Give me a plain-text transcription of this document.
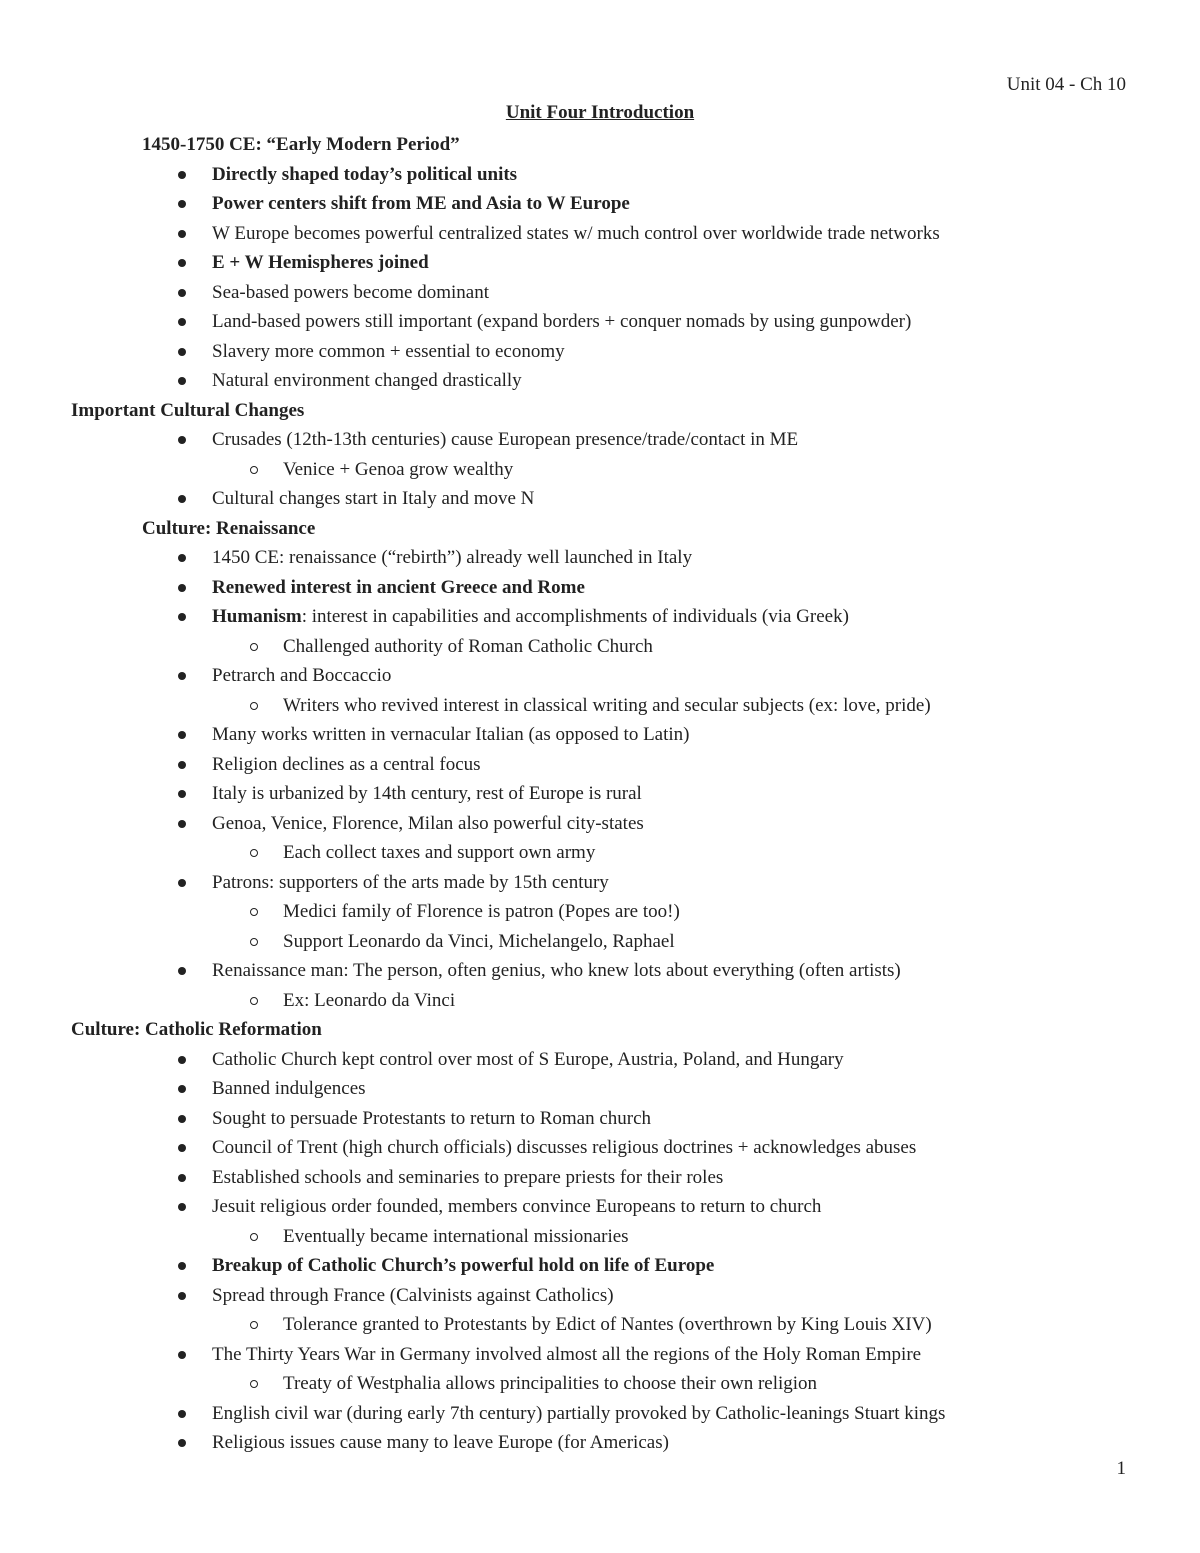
Unit 04 - Ch 10
Unit Four Introduction
1450-1750 CE: “Early Modern Period”
Directly shaped today’s political units
Power centers shift from ME and Asia to W Europe
W Europe becomes powerful centralized states w/ much control over worldwide trade networks
E + W Hemispheres joined
Sea-based powers become dominant
Land-based powers still important (expand borders + conquer nomads by using gunpowder)
Slavery more common + essential to economy
Natural environment changed drastically
Important Cultural Changes
Crusades (12th-13th centuries) cause European presence/trade/contact in ME
Venice + Genoa grow wealthy
Cultural changes start in Italy and move N
Culture: Renaissance
1450 CE: renaissance (“rebirth”) already well launched in Italy
Renewed interest in ancient Greece and Rome
Humanism: interest in capabilities and accomplishments of individuals (via Greek)
Challenged authority of Roman Catholic Church
Petrarch and Boccaccio
Writers who revived interest in classical writing and secular subjects (ex: love, pride)
Many works written in vernacular Italian (as opposed to Latin)
Religion declines as a central focus
Italy is urbanized by 14th century, rest of Europe is rural
Genoa, Venice, Florence, Milan also powerful city-states
Each collect taxes and support own army
Patrons: supporters of the arts made by 15th century
Medici family of Florence is patron (Popes are too!)
Support Leonardo da Vinci, Michelangelo, Raphael
Renaissance man: The person, often genius, who knew lots about everything (often artists)
Ex: Leonardo da Vinci
Culture: Catholic Reformation
Catholic Church kept control over most of S Europe, Austria, Poland, and Hungary
Banned indulgences
Sought to persuade Protestants to return to Roman church
Council of Trent (high church officials) discusses religious doctrines + acknowledges abuses
Established schools and seminaries to prepare priests for their roles
Jesuit religious order founded, members convince Europeans to return to church
Eventually became international missionaries
Breakup of Catholic Church’s powerful hold on life of Europe
Spread through France (Calvinists against Catholics)
Tolerance granted to Protestants by Edict of Nantes (overthrown by King Louis XIV)
The Thirty Years War in Germany involved almost all the regions of the Holy Roman Empire
Treaty of Westphalia allows principalities to choose their own religion
English civil war (during early 7th century) partially provoked by Catholic-leanings Stuart kings
Religious issues cause many to leave Europe (for Americas)
1
